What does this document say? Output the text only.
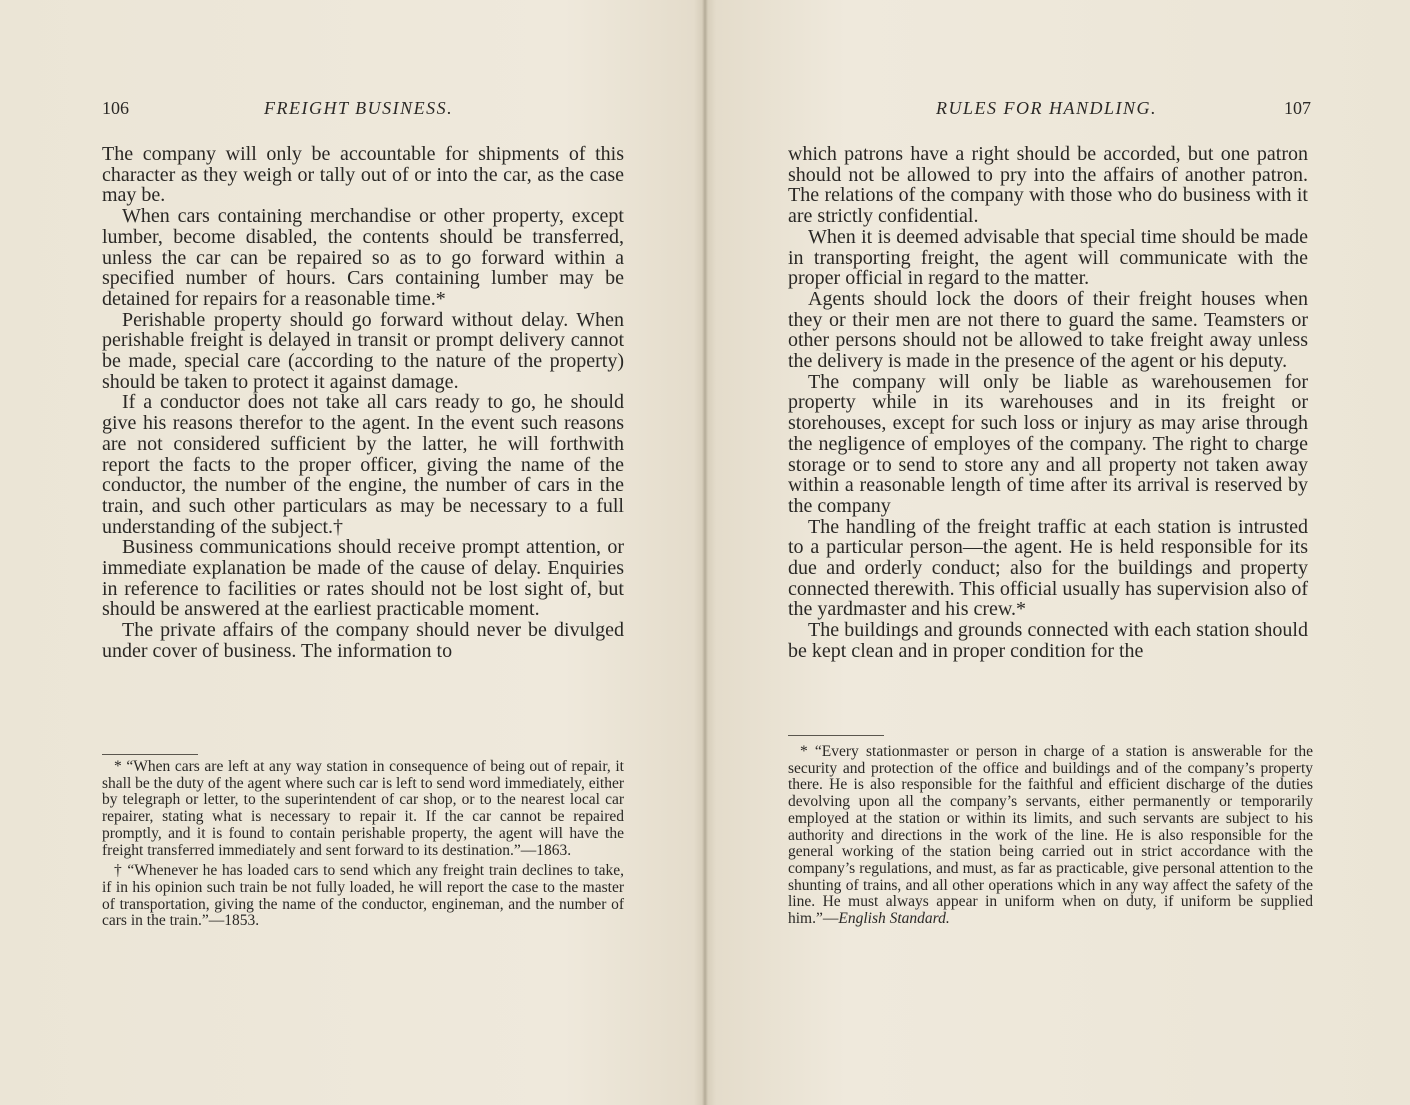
106	FREIGHT BUSINESS.

The company will only be accountable for shipments of this character as they weigh or tally out of or into the car, as the case may be.

When cars containing merchandise or other property, except lumber, become disabled, the contents should be transferred, unless the car can be repaired so as to go forward within a specified number of hours. Cars containing lumber may be detained for repairs for a reasonable time.*

Perishable property should go forward without delay. When perishable freight is delayed in transit or prompt delivery cannot be made, special care (according to the nature of the property) should be taken to protect it against damage.

If a conductor does not take all cars ready to go, he should give his reasons therefor to the agent. In the event such reasons are not considered sufficient by the latter, he will forthwith report the facts to the proper officer, giving the name of the conductor, the number of the engine, the number of cars in the train, and such other particulars as may be necessary to a full understanding of the subject.†

Business communications should receive prompt attention, or immediate explanation be made of the cause of delay. Enquiries in reference to facilities or rates should not be lost sight of, but should be answered at the earliest practicable moment.

The private affairs of the company should never be divulged under cover of business. The information to

* “When cars are left at any way station in consequence of being out of repair, it shall be the duty of the agent where such car is left to send word immediately, either by telegraph or letter, to the superintendent of car shop, or to the nearest local car repairer, stating what is necessary to repair it. If the car cannot be repaired promptly, and it is found to contain perishable property, the agent will have the freight transferred immediately and sent forward to its destination.”—1863.

† “Whenever he has loaded cars to send which any freight train declines to take, if in his opinion such train be not fully loaded, he will report the case to the master of transportation, giving the name of the conductor, engineman, and the number of cars in the train.”—1853.

RULES FOR HANDLING.	107

which patrons have a right should be accorded, but one patron should not be allowed to pry into the affairs of another patron. The relations of the company with those who do business with it are strictly confidential.

When it is deemed advisable that special time should be made in transporting freight, the agent will communicate with the proper official in regard to the matter.

Agents should lock the doors of their freight houses when they or their men are not there to guard the same. Teamsters or other persons should not be allowed to take freight away unless the delivery is made in the presence of the agent or his deputy.

The company will only be liable as warehousemen for property while in its warehouses and in its freight or storehouses, except for such loss or injury as may arise through the negligence of employes of the company. The right to charge storage or to send to store any and all property not taken away within a reasonable length of time after its arrival is reserved by the company

The handling of the freight traffic at each station is intrusted to a particular person—the agent. He is held responsible for its due and orderly conduct; also for the buildings and property connected therewith. This official usually has supervision also of the yardmaster and his crew.*

The buildings and grounds connected with each station should be kept clean and in proper condition for the

* “Every stationmaster or person in charge of a station is answerable for the security and protection of the office and buildings and of the company’s property there. He is also responsible for the faithful and efficient discharge of the duties devolving upon all the company’s servants, either permanently or temporarily employed at the station or within its limits, and such servants are subject to his authority and directions in the work of the line. He is also responsible for the general working of the station being carried out in strict accordance with the company’s regulations, and must, as far as practicable, give personal attention to the shunting of trains, and all other operations which in any way affect the safety of the line. He must always appear in uniform when on duty, if uniform be supplied him.”—English Standard.
